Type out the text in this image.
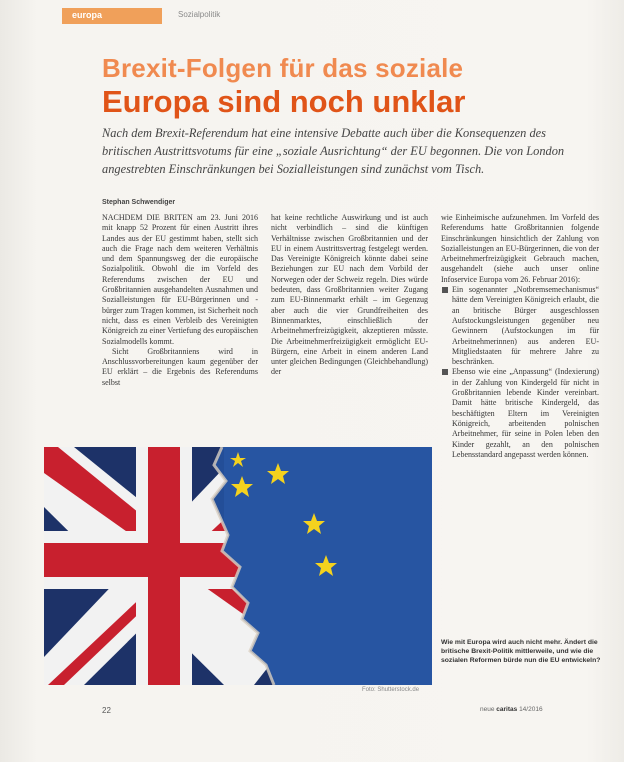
europa	Sozialpolitik
Brexit-Folgen für das soziale
Europa sind noch unklar
Nach dem Brexit-Referendum hat eine intensive Debatte auch über die Konsequenzen des britischen Austrittsvotums für eine „soziale Ausrichtung“ der EU begonnen. Die von London angestrebten Einschränkungen bei Sozialleistungen sind zunächst vom Tisch.
Stephan Schwendiger

NACHDEM DIE BRITEN am 23. Juni 2016 mit knapp 52 Prozent für einen Austritt ihres Landes aus der EU gestimmt haben, stellt sich auch die Frage nach dem weiteren Verhältnis und dem Spannungsweg der die europäische Sozialpolitik. Obwohl die im Vorfeld des Referendums zwischen der EU und Großbritannien ausgehandelten Ausnahmen und Sozialleistungen für EU-Bürgerinnen und -bürger zum Tragen kommen, ist Sicherheit noch nicht, dass es einen Verbleib des Vereinigten Königreich zu einer Vertiefung des europäischen Sozialmodells kommt.

Sicht Großbritanniens wird in Anschlussvorbereitungen kaum gegenüber der EU erklärt – die Ergebnis des Referendums selbst

hat keine rechtliche Auswirkung und ist auch nicht verbindlich – sind die künftigen Verhältnisse zwischen Großbritannien und der EU in einem Austrittsvertrag festgelegt werden. Das Vereinigte Königreich könnte dabei seine Beziehungen zur EU nach dem Vorbild der Norwegen oder der Schweiz regeln. Dies würde bedeuten, dass Großbritannien weiter Zugang zum EU-Binnenmarkt erhält – im Gegenzug aber auch die vier Grundfreiheiten des Binnenmarktes, einschließlich der Arbeitnehmerfreizügigkeit, akzeptieren müsste. Die Arbeitnehmerfreizügigkeit ermöglicht EU-Bürgern, eine Arbeit in einem anderen Land unter gleichen Bedingungen (Gleichbehandlung) der

wie Einheimische aufzunehmen. Im Vorfeld des Referendums hatte Großbritannien folgende Einschränkungen hinsichtlich der Zahlung von Sozialleistungen an EU-Bürgerinnen, die von der Arbeitnehmerfreizügigkeit Gebrauch machen, ausgehandelt (siehe auch unser online Infoservice Europa vom 26. Februar 2016):

Ein sogenannter „Notbremsemechanismus“ hätte dem Vereinigten Königreich erlaubt, die an britische Bürger ausgeschlossen Aufstockungsleistungen gegenüber neu Gewinnern (Aufstockungen im für Arbeitnehmerinnen) aus anderen EU-Mitgliedstaaten für mehrere Jahre zu beschränken.

Ebenso wie eine „Anpassung“ (Indexierung) in der Zahlung von Kindergeld für nicht in Großbritannien lebende Kinder vereinbart. Damit hätte britische Kindergeld, das beschäftigten Eltern im Vereinigten Königreich, arbeitenden polnischen Arbeitnehmer, für seine in Polen leben den Kinder gezahlt, an den polnischen Lebensstandard angepasst werden können.

Foto: Shutterstock.de
Wie mit Europa wird auch nicht mehr. Ändert die britische Brexit-Politik mittlerweile, und wie die sozialen Reformen bürde nun die EU entwickeln?
22	neue caritas 14/2016
